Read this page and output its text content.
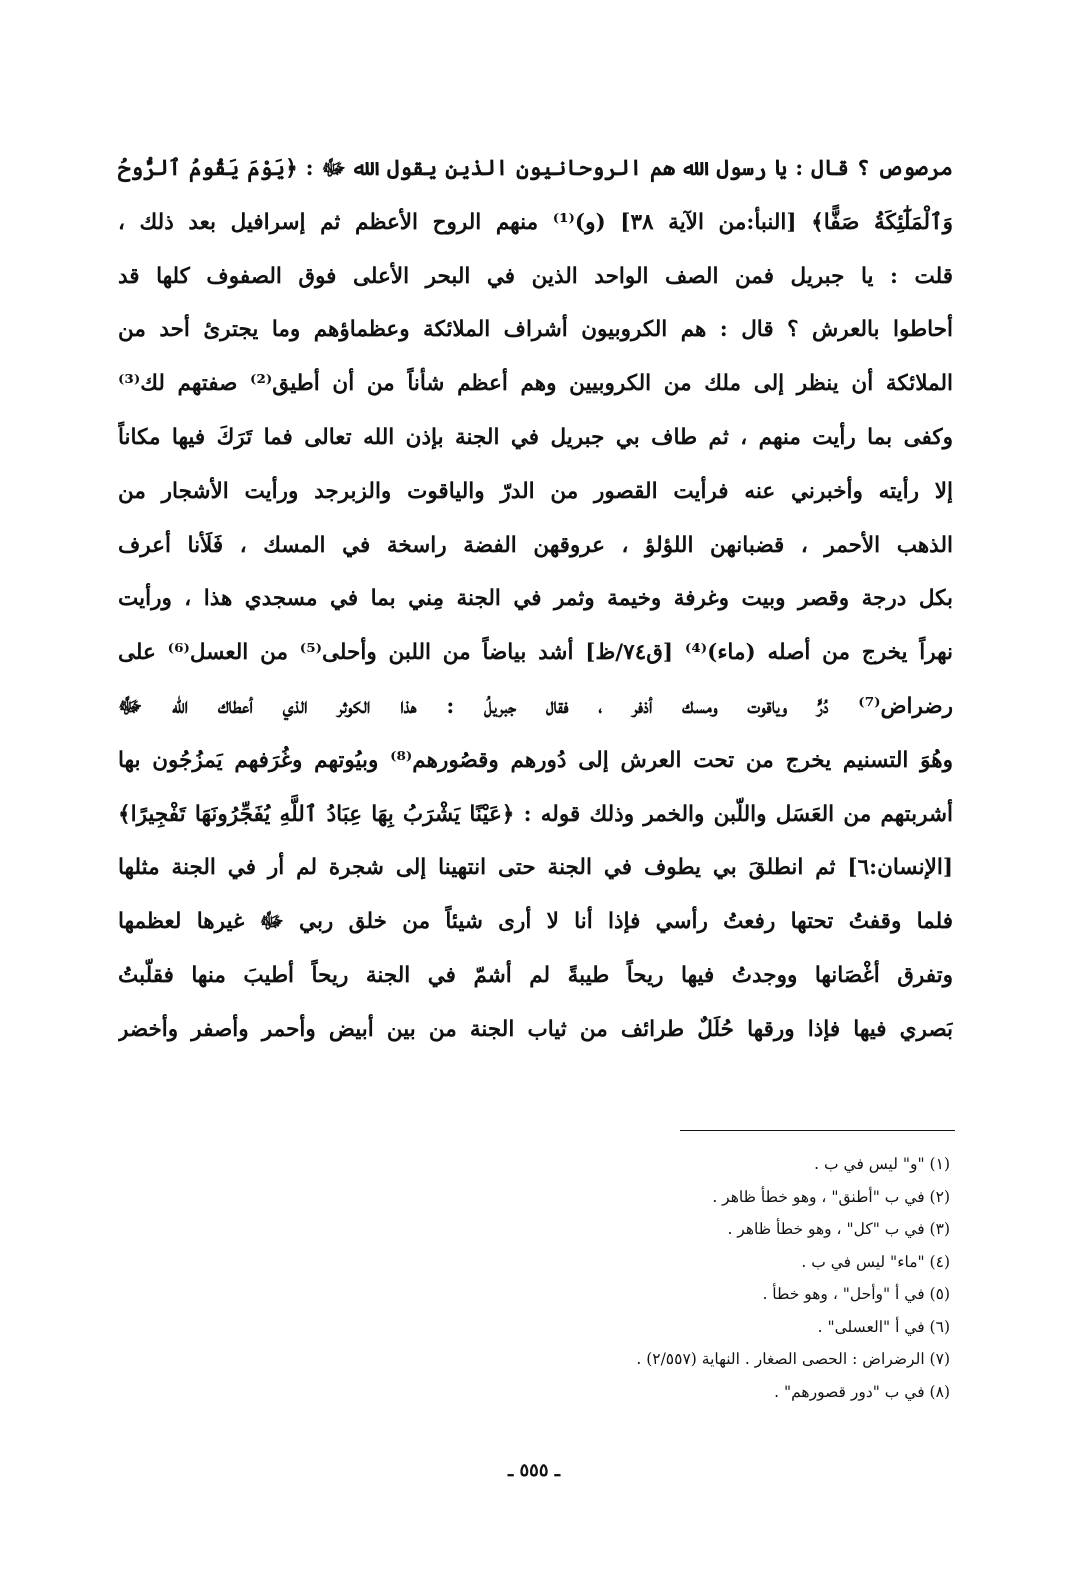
مرصوص ؟ قال : يا رسول الله هم الروحانيون الذين يقول الله ﷻ : ﴿يَوْمَ يَقُومُ ٱلرُّوحُ
وَٱلْمَلَٰٓئِكَةُ صَفًّا﴾ [النبأ:من الآية ٣٨] (و)⁽¹⁾ منهم الروح الأعظم ثم إسرافيل بعد ذلك ،
قلت : يا جبريل فمن الصف الواحد الذين في البحر الأعلى فوق الصفوف كلها قد
أحاطوا بالعرش ؟ قال : هم الكروبيون أشراف الملائكة وعظماؤهم وما يجترئ أحد من
الملائكة أن ينظر إلى ملك من الكروبيين وهم أعظم شأناً من أن أطيق⁽²⁾ صفتهم لك⁽³⁾
وكفى بما رأيت منهم ، ثم طاف بي جبريل في الجنة بإذن الله تعالى فما تَرَكَ فيها مكاناً
إلا رأيته وأخبرني عنه فرأيت القصور من الدرّ والياقوت والزبرجد ورأيت الأشجار من
الذهب الأحمر ، قضبانهن اللؤلؤ ، عروقهن الفضة راسخة في المسك ، فَلَأنا أعرف
بكل درجة وقصر وبيت وغرفة وخيمة وثمر في الجنة مِني بما في مسجدي هذا ، ورأيت
نهراً يخرج من أصله (ماء)⁽⁴⁾ [ق٧٤/ظ] أشد بياضاً من اللبن وأحلى⁽⁵⁾ من العسل⁽⁶⁾ على
رضراض⁽⁷⁾ دُرٍّ وياقوت ومسك أذفر ، فقال جبريلُ : هذا الكوثر الذي أعطاك الله ﷻ
وهُوَ التسنيم يخرج من تحت العرش إلى دُورهم وقصُورهم⁽⁸⁾ وبيُوتهم وغُرَفهم يَمزُجُون بها
أشربتهم من العَسَل واللّبن والخمر وذلك قوله : ﴿عَيْنًا يَشْرَبُ بِهَا عِبَادُ ٱللَّهِ يُفَجِّرُونَهَا تَفْجِيرًا﴾
[الإنسان:٦] ثم انطلقَ بي يطوف في الجنة حتى انتهينا إلى شجرة لم أر في الجنة مثلها
فلما وقفتُ تحتها رفعتُ رأسي فإذا أنا لا أرى شيئاً من خلق ربي ﷻ غيرها لعظمها
وتفرق أغْصَانها ووجدتُ فيها ريحاً طيبةً لم أشمّ في الجنة ريحاً أطيبَ منها فقلّبتُ
بَصري فيها فإذا ورقها حُلَلٌ طرائف من ثياب الجنة من بين أبيض وأحمر وأصفر وأخضر
(١) "و" ليس في ب .
(٢) في ب "أطنق" ، وهو خطأ ظاهر .
(٣) في ب "كل" ، وهو خطأ ظاهر .
(٤) "ماء" ليس في ب .
(٥) في أ "وأحل" ، وهو خطأ .
(٦) في أ "العسلى" .
(٧) الرضراض : الحصى الصغار . النهاية (٢/٥٥٧) .
(٨) في ب "دور قصورهم" .
ـ ٥٥٥ ـ
